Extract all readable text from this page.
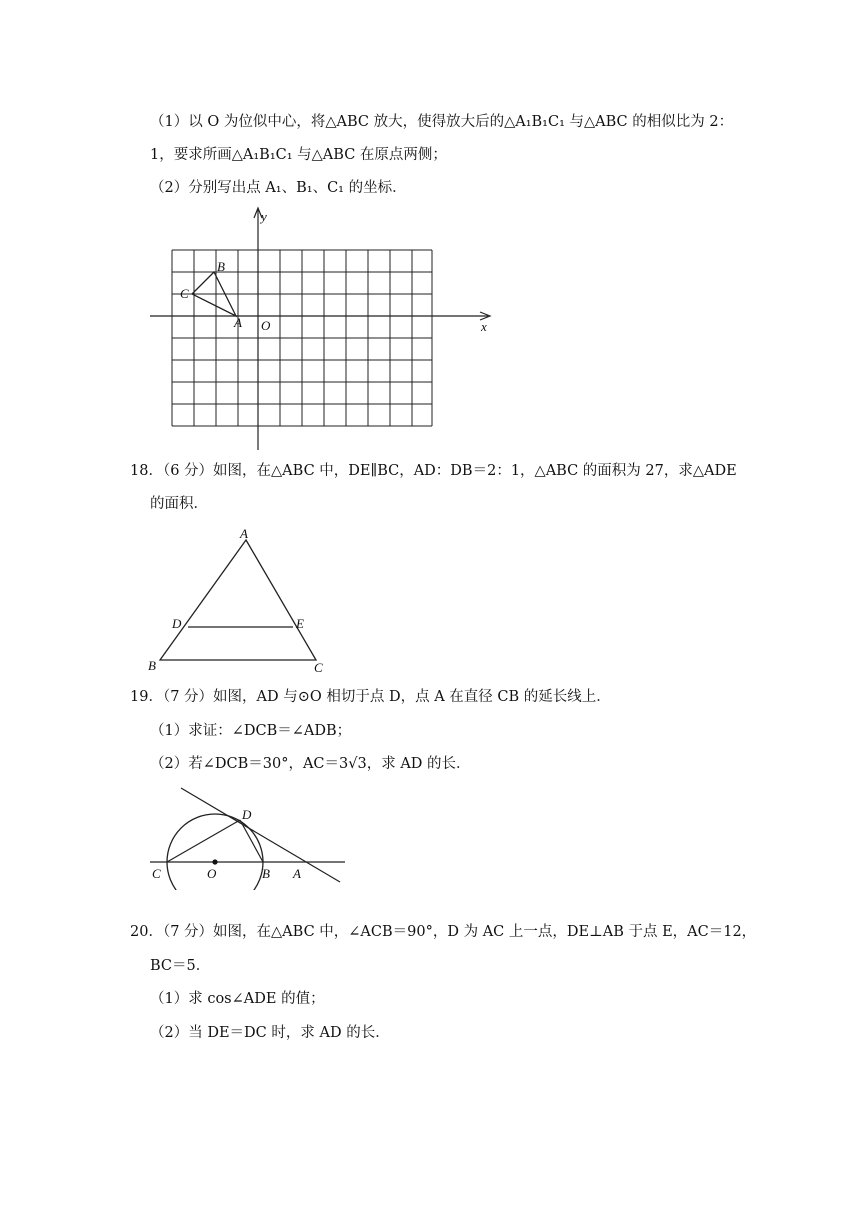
（1）以 O 为位似中心，将△ABC 放大，使得放大后的△A₁B₁C₁ 与△ABC 的相似比为 2：
1，要求所画△A₁B₁C₁ 与△ABC 在原点两侧；
（2）分别写出点 A₁、B₁、C₁ 的坐标．
y
x
O
A
B
C
18．（6 分）如图，在△ABC 中，DE∥BC，AD：DB＝2：1，△ABC 的面积为 27，求△ADE
的面积．
A
B	C
D	E
19．（7 分）如图，AD 与⊙O 相切于点 D，点 A 在直径 CB 的延长线上．
（1）求证：∠DCB＝∠ADB；
（2）若∠DCB＝30°，AC＝3√3，求 AD 的长．
C	O	B A
D
20．（7 分）如图，在△ABC 中，∠ACB＝90°，D 为 AC 上一点，DE⊥AB 于点 E，AC＝12，
BC＝5．
（1）求 cos∠ADE 的值；
（2）当 DE＝DC 时，求 AD 的长．
